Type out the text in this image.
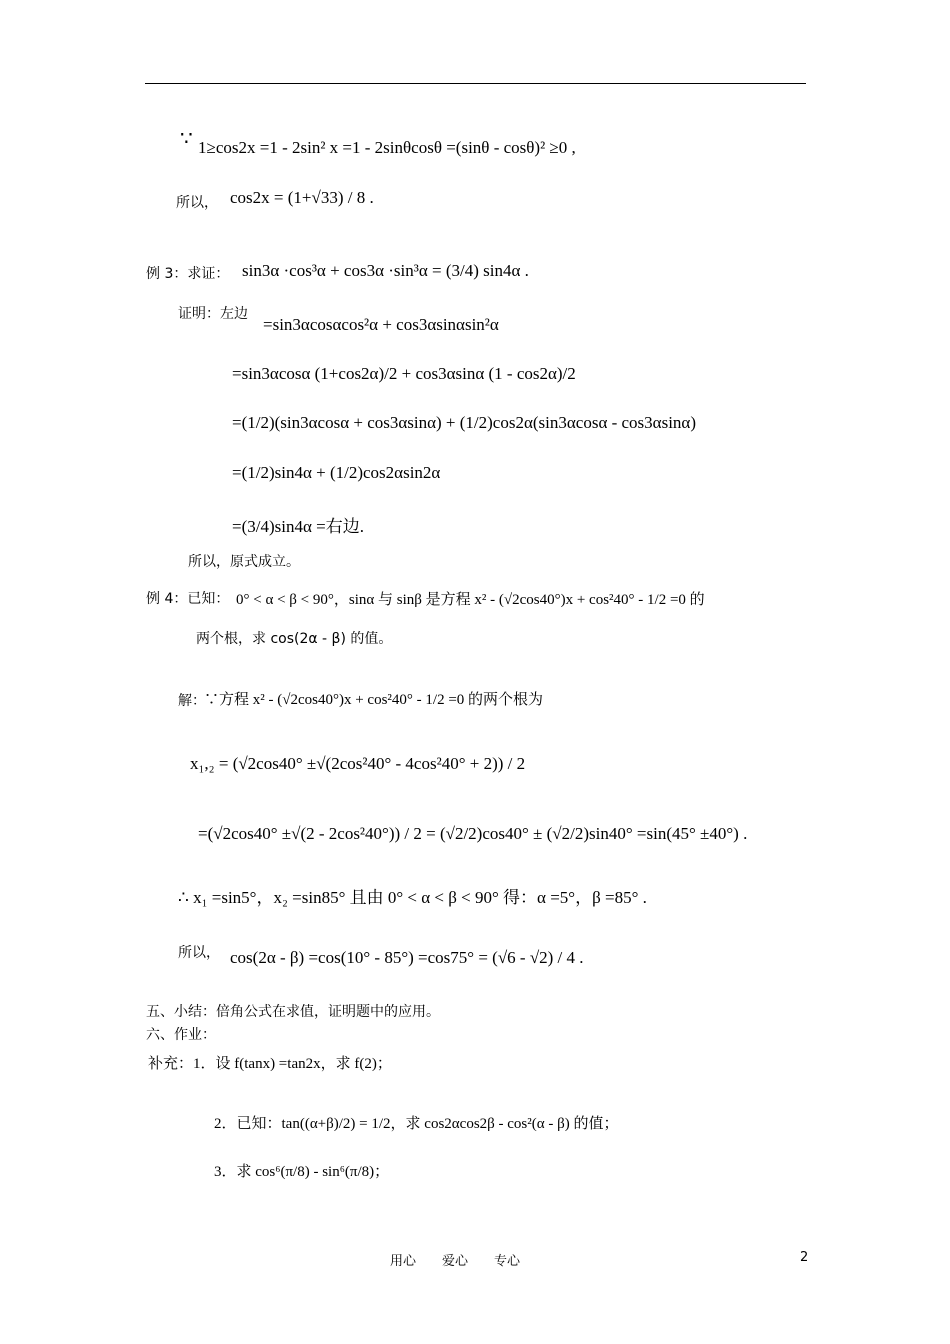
∵ 1≥cos2x =1 - 2sin² x =1 - 2sinθcosθ =(sinθ - cosθ)² ≥0 ,
所以， cos2x = (1+√33) / 8 .
例 3：求证： sin3α ·cos³α + cos3α ·sin³α = (3/4) sin4α .
证明：左边
=sin3αcosαcos²α + cos3αsinαsin²α
=sin3αcosα (1+cos2α)/2 + cos3αsinα (1 - cos2α)/2
=(1/2)(sin3αcosα + cos3αsinα) + (1/2)cos2α(sin3αcosα - cos3αsinα)
=(1/2)sin4α + (1/2)cos2αsin2α
=(3/4)sin4α =右边.
所以，原式成立。
例 4：已知： 0° < α < β < 90°，sinα 与 sinβ 是方程 x² - (√2cos40°)x + cos²40° - 1/2 =0 的
两个根，求 cos(2α - β) 的值。
解：
∵方程 x² - (√2cos40°)x + cos²40° - 1/2 =0 的两个根为
x₁,₂ = (√2cos40° ±√(2cos²40° - 4cos²40° + 2)) / 2
=(√2cos40° ±√(2 - 2cos²40°)) / 2 = (√2/2)cos40° ± (√2/2)sin40° =sin(45° ±40°) .
∴ x₁ =sin5°，x₂ =sin85° 且由 0° < α < β < 90° 得：α =5°，β =85° .
所以， cos(2α - β) =cos(10° - 85°) =cos75° = (√6 - √2) / 4 .
五、小结：倍角公式在求值，证明题中的应用。
六、作业：
补充：1．设 f(tanx) =tan2x，求 f(2)；
2．已知：tan((α+β)/2) = 1/2，求 cos2αcos2β - cos²(α - β) 的值；
3．求 cos⁶(π/8) - sin⁶(π/8)；
用心　　爱心　　专心	2
